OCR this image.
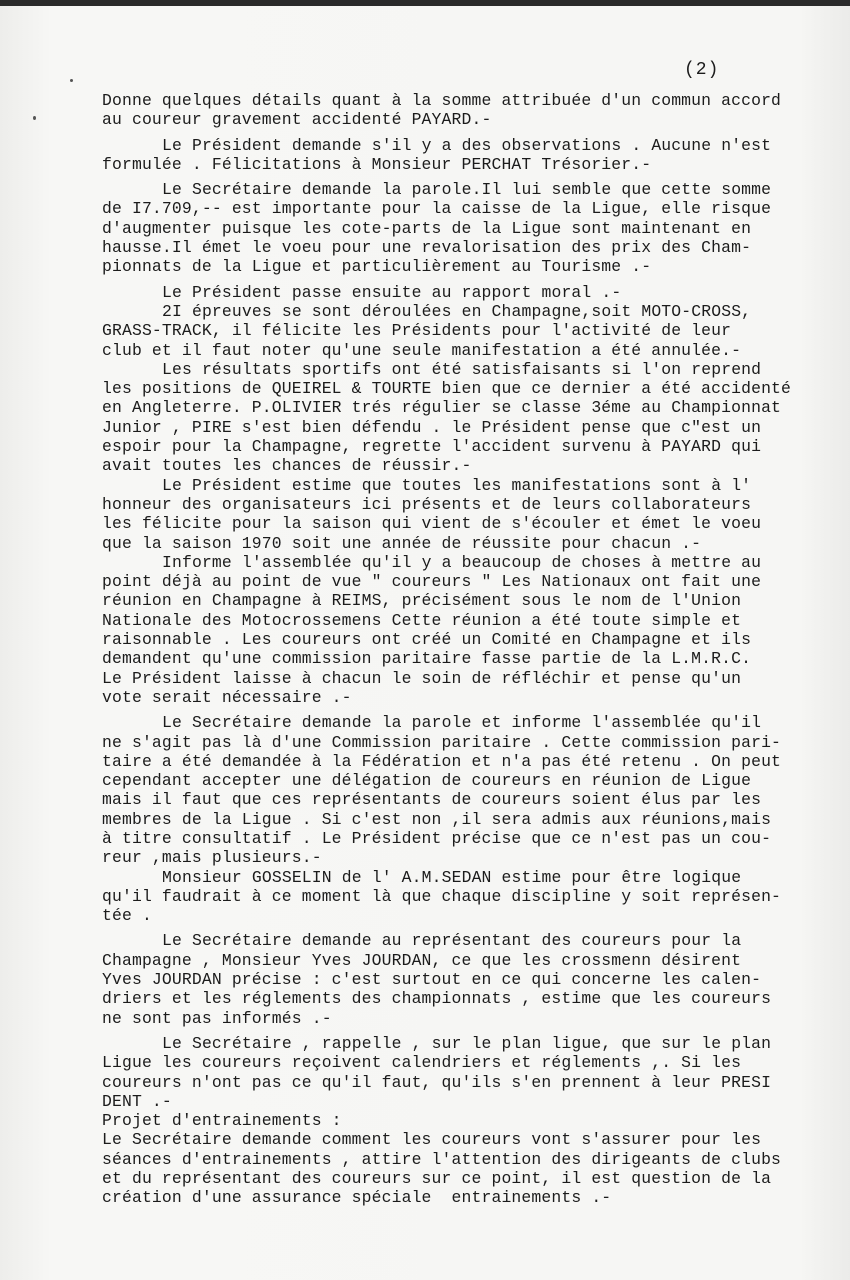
(2)
Donne quelques détails quant à la somme attribuée d'un commun accord
au coureur gravement accidenté PAYARD.-
Le Président demande s'il y a des observations . Aucune n'est
formulée . Félicitations à Monsieur PERCHAT Trésorier.-
Le Secrétaire demande la parole.Il lui semble que cette somme
de I7.709,-- est importante pour la caisse de la Ligue, elle risque
d'augmenter puisque les cote-parts de la Ligue sont maintenant en
hausse.Il émet le voeu pour une revalorisation des prix des Cham-
pionnats de la Ligue et particulièrement au Tourisme .-
Le Président passe ensuite au rapport moral .-
2I épreuves se sont déroulées en Champagne,soit MOTO-CROSS,
GRASS-TRACK, il félicite les Présidents pour l'activité de leur
club et il faut noter qu'une seule manifestation a été annulée.-
Les résultats sportifs ont été satisfaisants si l'on reprend
les positions de QUEIREL & TOURTE bien que ce dernier a été accidenté
en Angleterre. P.OLIVIER trés régulier se classe 3éme au Championnat
Junior , PIRE s'est bien défendu . le Président pense que c"est un
espoir pour la Champagne, regrette l'accident survenu à PAYARD qui
avait toutes les chances de réussir.-
Le Président estime que toutes les manifestations sont à l'
honneur des organisateurs ici présents et de leurs collaborateurs
les félicite pour la saison qui vient de s'écouler et émet le voeu
que la saison 1970 soit une année de réussite pour chacun .-
Informe l'assemblée qu'il y a beaucoup de choses à mettre au
point déjà au point de vue " coureurs " Les Nationaux ont fait une
réunion en Champagne à REIMS, précisément sous le nom de l'Union
Nationale des Motocrossemens Cette réunion a été toute simple et
raisonnable . Les coureurs ont créé un Comité en Champagne et ils
demandent qu'une commission paritaire fasse partie de la L.M.R.C.
Le Président laisse à chacun le soin de réfléchir et pense qu'un
vote serait nécessaire .-
Le Secrétaire demande la parole et informe l'assemblée qu'il
ne s'agit pas là d'une Commission paritaire . Cette commission pari-
taire a été demandée à la Fédération et n'a pas été retenu . On peut
cependant accepter une délégation de coureurs en réunion de Ligue
mais il faut que ces représentants de coureurs soient élus par les
membres de la Ligue . Si c'est non ,il sera admis aux réunions,mais
à titre consultatif . Le Président précise que ce n'est pas un cou-
reur ,mais plusieurs.-
Monsieur GOSSELIN de l' A.M.SEDAN estime pour être logique
qu'il faudrait à ce moment là que chaque discipline y soit représen-
tée .
Le Secrétaire demande au représentant des coureurs pour la
Champagne , Monsieur Yves JOURDAN, ce que les crossmenn désirent
Yves JOURDAN précise : c'est surtout en ce qui concerne les calen-
driers et les réglements des championnats , estime que les coureurs
ne sont pas informés .-
Le Secrétaire , rappelle , sur le plan ligue, que sur le plan
Ligue les coureurs reçoivent calendriers et réglements ,. Si les
coureurs n'ont pas ce qu'il faut, qu'ils s'en prennent à leur PRESI
DENT .-
Projet d'entrainements :
Le Secrétaire demande comment les coureurs vont s'assurer pour les
séances d'entrainements , attire l'attention des dirigeants de clubs
et du représentant des coureurs sur ce point, il est question de la
création d'une assurance spéciale  entrainements .-
